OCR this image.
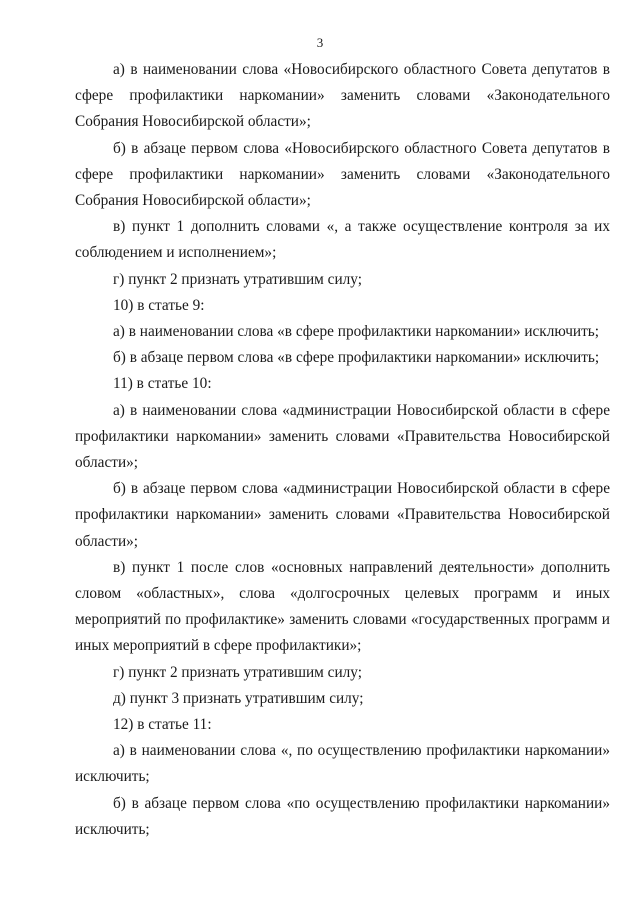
3

а) в наименовании слова «Новосибирского областного Совета депутатов в сфере профилактики наркомании» заменить словами «Законодательного Собрания Новосибирской области»;

б) в абзаце первом слова «Новосибирского областного Совета депутатов в сфере профилактики наркомании» заменить словами «Законодательного Собрания Новосибирской области»;

в) пункт 1 дополнить словами «, а также осуществление контроля за их соблюдением и исполнением»;

г) пункт 2 признать утратившим силу;

10) в статье 9:

а) в наименовании слова «в сфере профилактики наркомании» исключить;

б) в абзаце первом слова «в сфере профилактики наркомании» исключить;

11) в статье 10:

а) в наименовании слова «администрации Новосибирской области в сфере профилактики наркомании» заменить словами «Правительства Новосибирской области»;

б) в абзаце первом слова «администрации Новосибирской области в сфере профилактики наркомании» заменить словами «Правительства Новосибирской области»;

в) пункт 1 после слов «основных направлений деятельности» дополнить словом «областных», слова «долгосрочных целевых программ и иных мероприятий по профилактике» заменить словами «государственных программ и иных мероприятий в сфере профилактики»;

г) пункт 2 признать утратившим силу;

д) пункт 3 признать утратившим силу;

12) в статье 11:

а) в наименовании слова «, по осуществлению профилактики наркомании» исключить;

б) в абзаце первом слова «по осуществлению профилактики наркомании» исключить;
